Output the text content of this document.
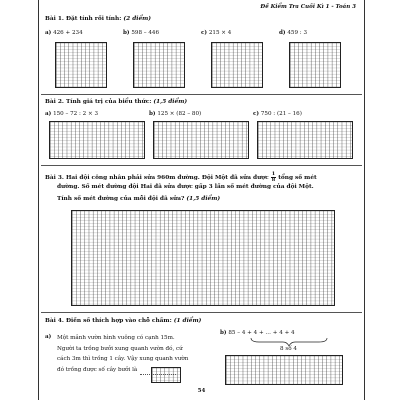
Đề Kiểm Tra Cuối Kì 1 - Toán 3
Bài 1. Đặt tính rồi tính: (2 điểm)
a) 426 + 234	b) 598 – 446	c) 215 × 4	d) 459 : 3
Bài 2. Tính giá trị của biểu thức: (1,5 điểm)
a) 150 – 72 : 2 × 3	b) 125 × (82 – 80)	c) 750 : (21 – 16)
Bài 3. Hai đội công nhân phải sửa 960m đường. Đội Một đã sửa được $\frac{1}{8}$ tổng số mét
đường. Số mét đường đội Hai đã sửa được gấp 3 lần số mét đường của đội Một.
Tính số mét đường của mỗi đội đã sửa? (1,5 điểm)
Bài 4. Điền số thích hợp vào chỗ chấm: (1 điểm)
a) Một mảnh vườn hình vuông có cạnh 15m.
Người ta trồng bưởi xung quanh vườn đó, cứ
cách 3m thì trồng 1 cây. Vậy xung quanh vườn
đó trồng được số cây bưởi là
b) 85 – 4 + 4 + … + 4 + 4
8 số 4
54
